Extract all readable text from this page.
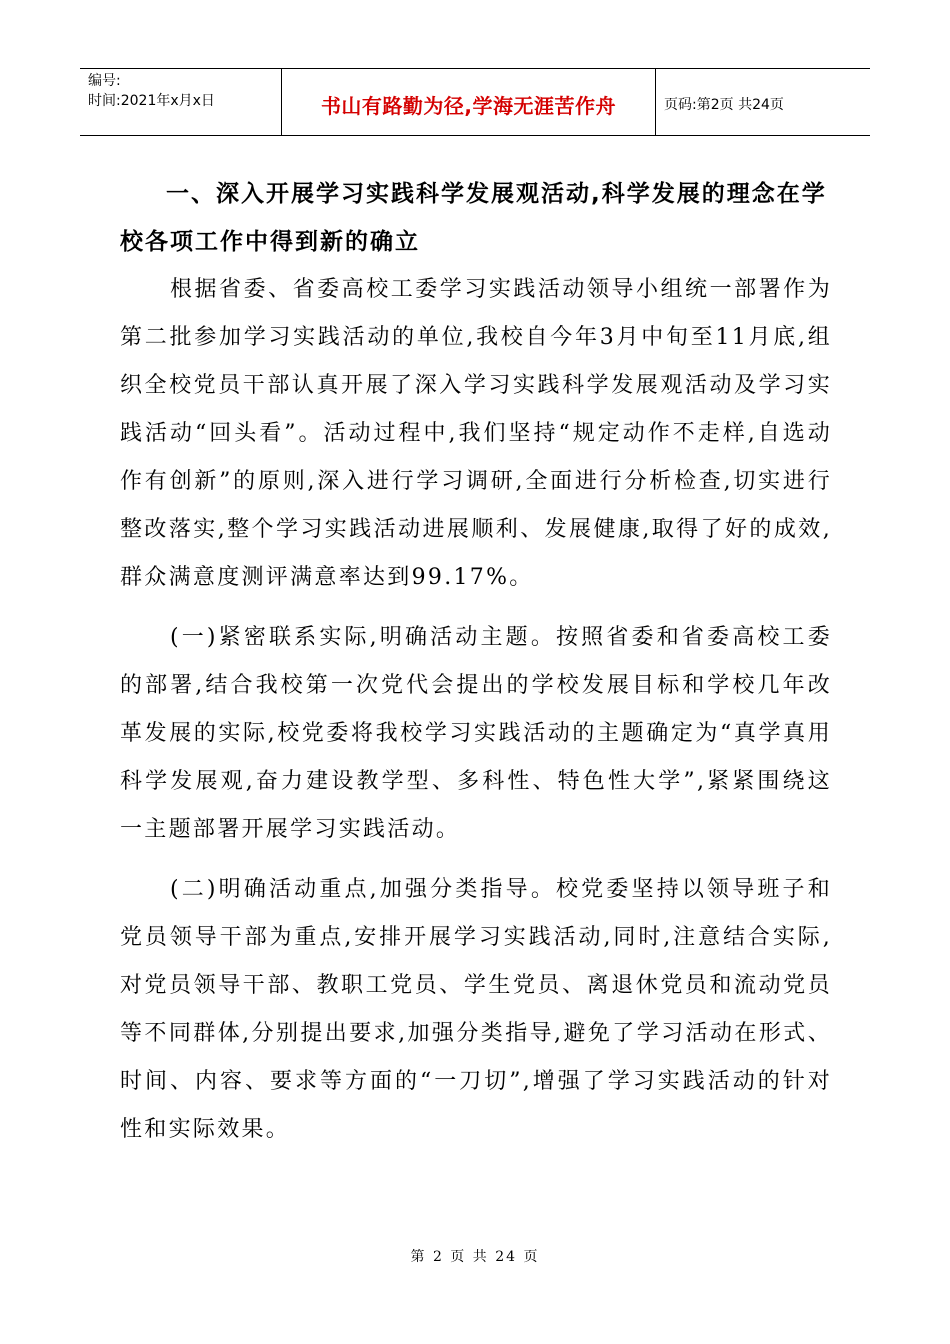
编号:
时间:2021年x月x日	书山有路勤为径,学海无涯苦作舟	页码:第2页 共24页
一、深入开展学习实践科学发展观活动,科学发展的理念在学校各项工作中得到新的确立

根据省委、省委高校工委学习实践活动领导小组统一部署作为第二批参加学习实践活动的单位,我校自今年3月中旬至11月底,组织全校党员干部认真开展了深入学习实践科学发展观活动及学习实践活动“回头看”。活动过程中,我们坚持“规定动作不走样,自选动作有创新”的原则,深入进行学习调研,全面进行分析检查,切实进行整改落实,整个学习实践活动进展顺利、发展健康,取得了好的成效,群众满意度测评满意率达到99.17%。

(一)紧密联系实际,明确活动主题。按照省委和省委高校工委的部署,结合我校第一次党代会提出的学校发展目标和学校几年改革发展的实际,校党委将我校学习实践活动的主题确定为“真学真用科学发展观,奋力建设教学型、多科性、特色性大学”,紧紧围绕这一主题部署开展学习实践活动。

(二)明确活动重点,加强分类指导。校党委坚持以领导班子和党员领导干部为重点,安排开展学习实践活动,同时,注意结合实际,对党员领导干部、教职工党员、学生党员、离退休党员和流动党员等不同群体,分别提出要求,加强分类指导,避免了学习活动在形式、时间、内容、要求等方面的“一刀切”,增强了学习实践活动的针对性和实际效果。

第 2 页 共 24 页
